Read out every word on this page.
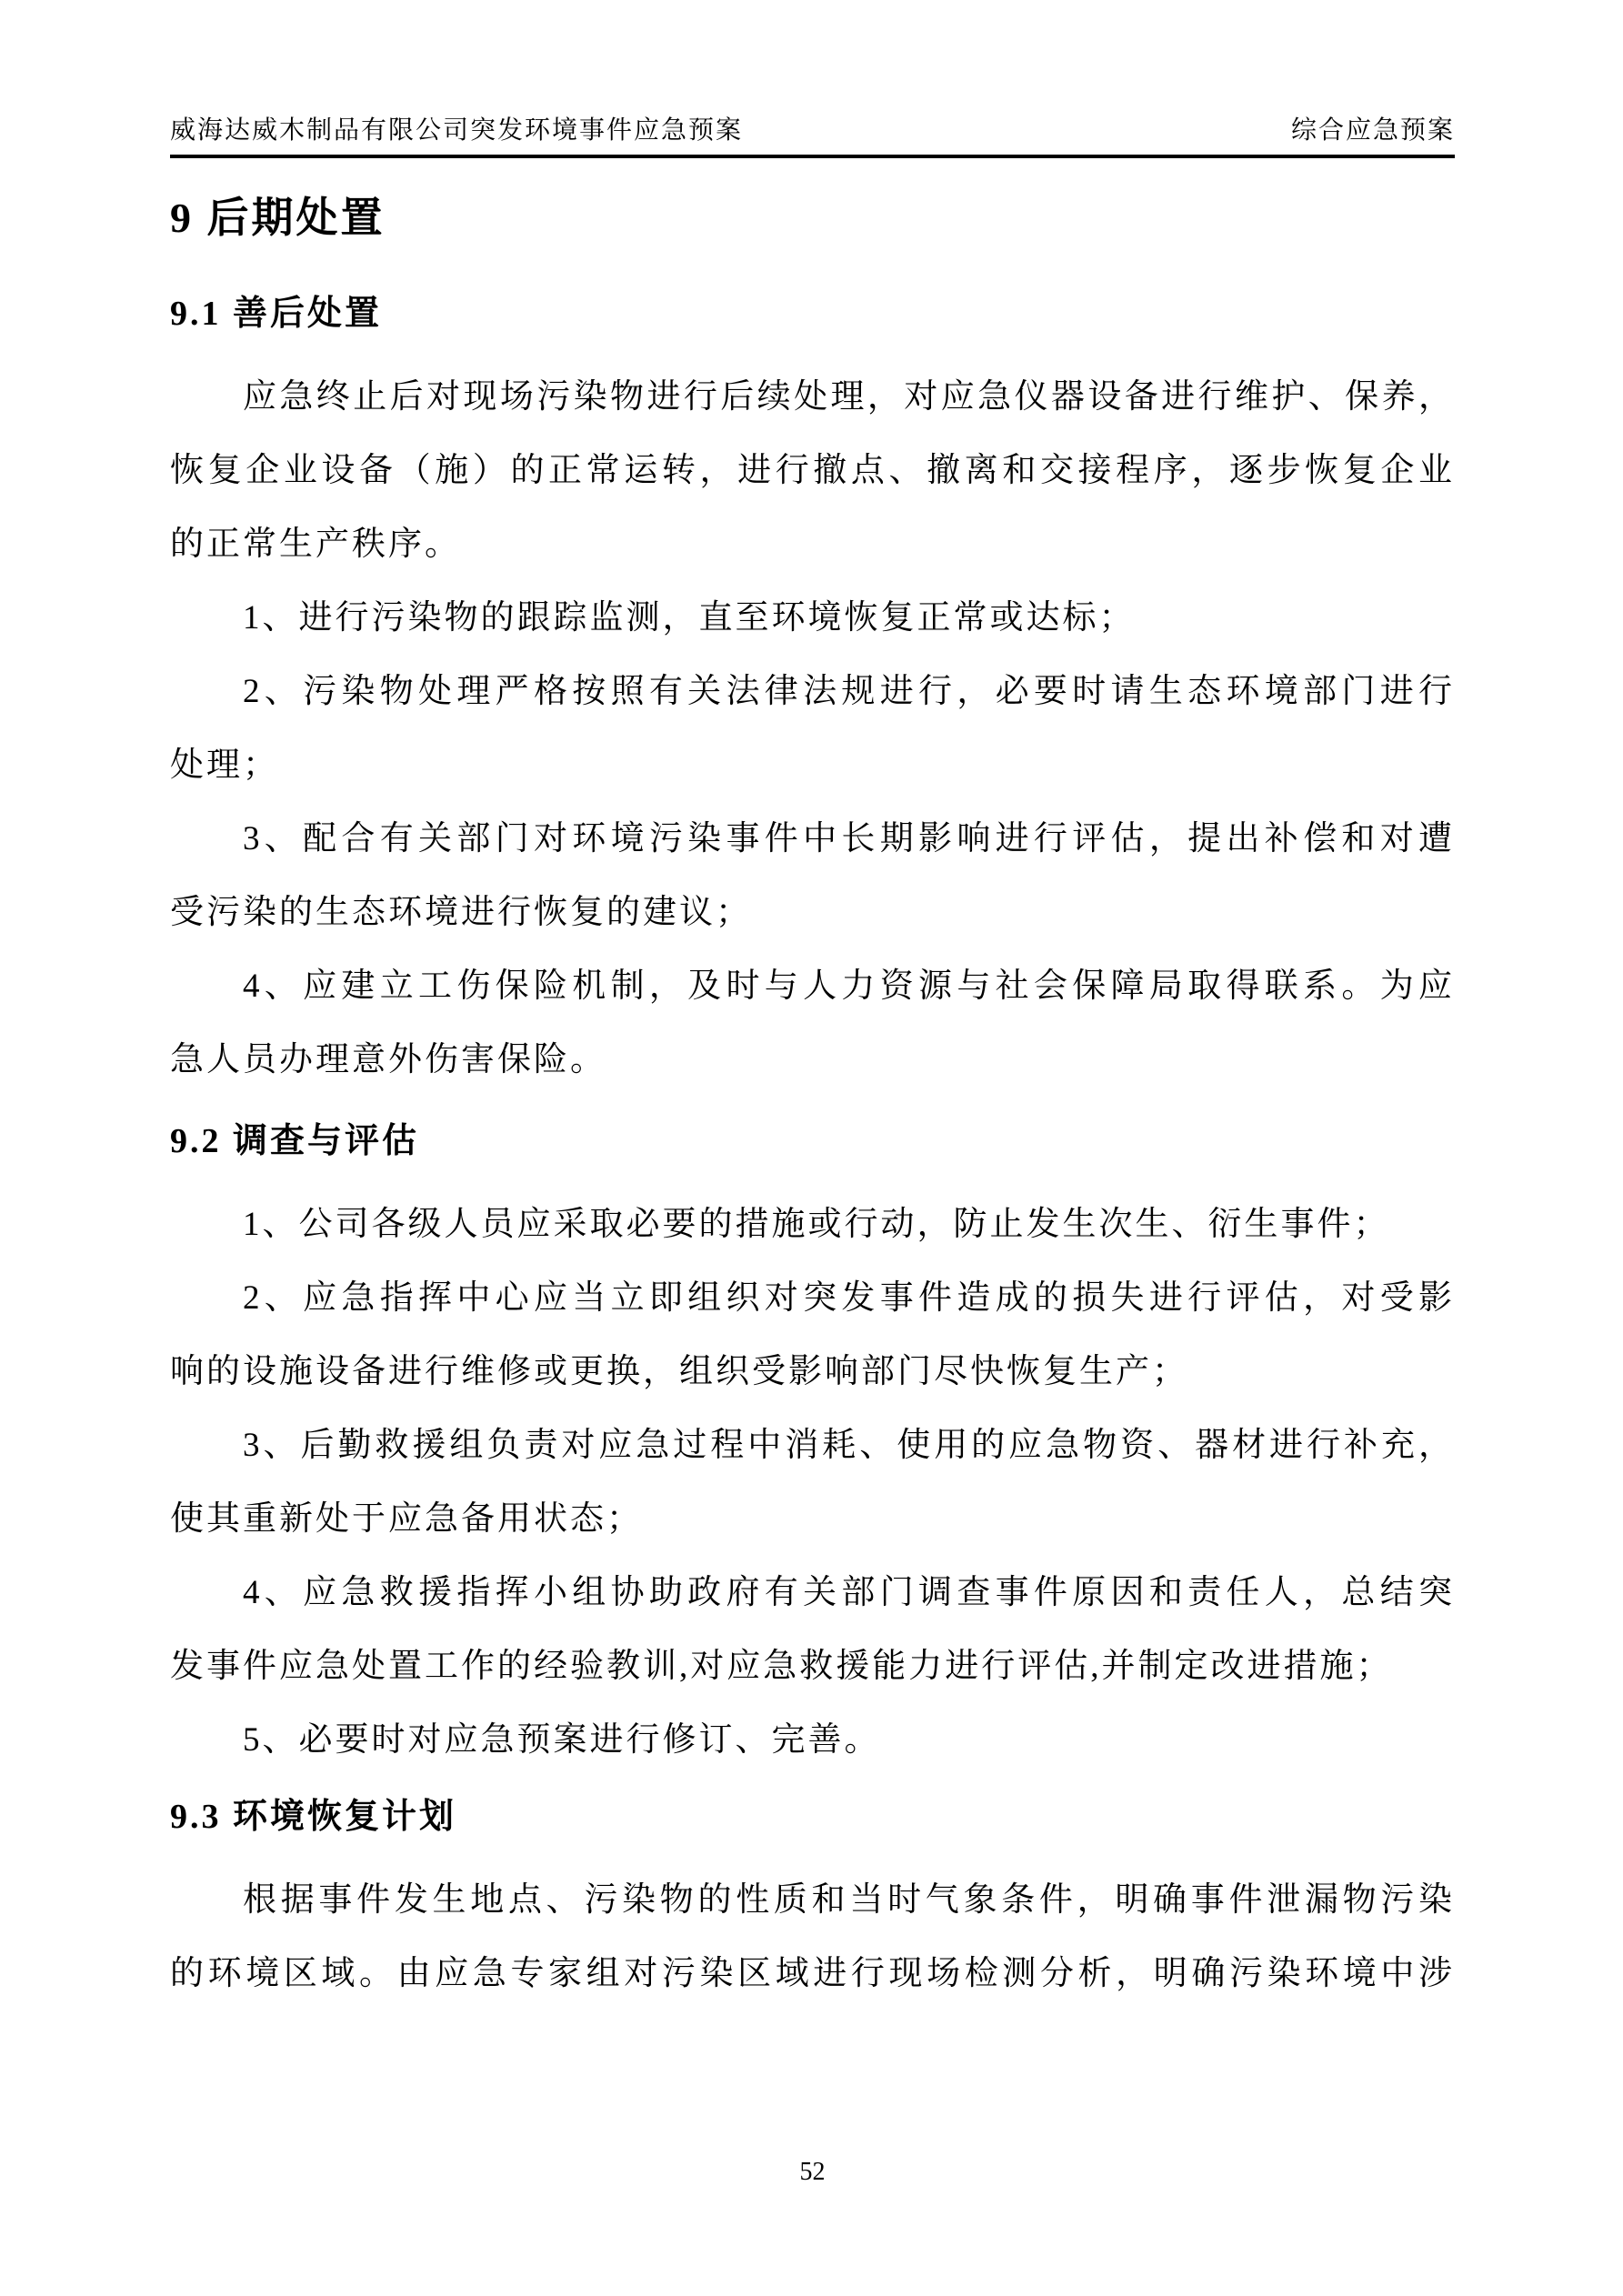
威海达威木制品有限公司突发环境事件应急预案	综合应急预案
9 后期处置
9.1 善后处置
应急终止后对现场污染物进行后续处理，对应急仪器设备进行维护、保养，
恢复企业设备（施）的正常运转，进行撤点、撤离和交接程序，逐步恢复企业
的正常生产秩序。
1、进行污染物的跟踪监测，直至环境恢复正常或达标；
2、污染物处理严格按照有关法律法规进行，必要时请生态环境部门进行
处理；
3、配合有关部门对环境污染事件中长期影响进行评估，提出补偿和对遭
受污染的生态环境进行恢复的建议；
4、应建立工伤保险机制，及时与人力资源与社会保障局取得联系。为应
急人员办理意外伤害保险。
9.2 调查与评估
1、公司各级人员应采取必要的措施或行动，防止发生次生、衍生事件；
2、应急指挥中心应当立即组织对突发事件造成的损失进行评估，对受影
响的设施设备进行维修或更换，组织受影响部门尽快恢复生产；
3、后勤救援组负责对应急过程中消耗、使用的应急物资、器材进行补充，
使其重新处于应急备用状态；
4、应急救援指挥小组协助政府有关部门调查事件原因和责任人，总结突
发事件应急处置工作的经验教训,对应急救援能力进行评估,并制定改进措施；
5、必要时对应急预案进行修订、完善。
9.3 环境恢复计划
根据事件发生地点、污染物的性质和当时气象条件，明确事件泄漏物污染
的环境区域。由应急专家组对污染区域进行现场检测分析，明确污染环境中涉
52
